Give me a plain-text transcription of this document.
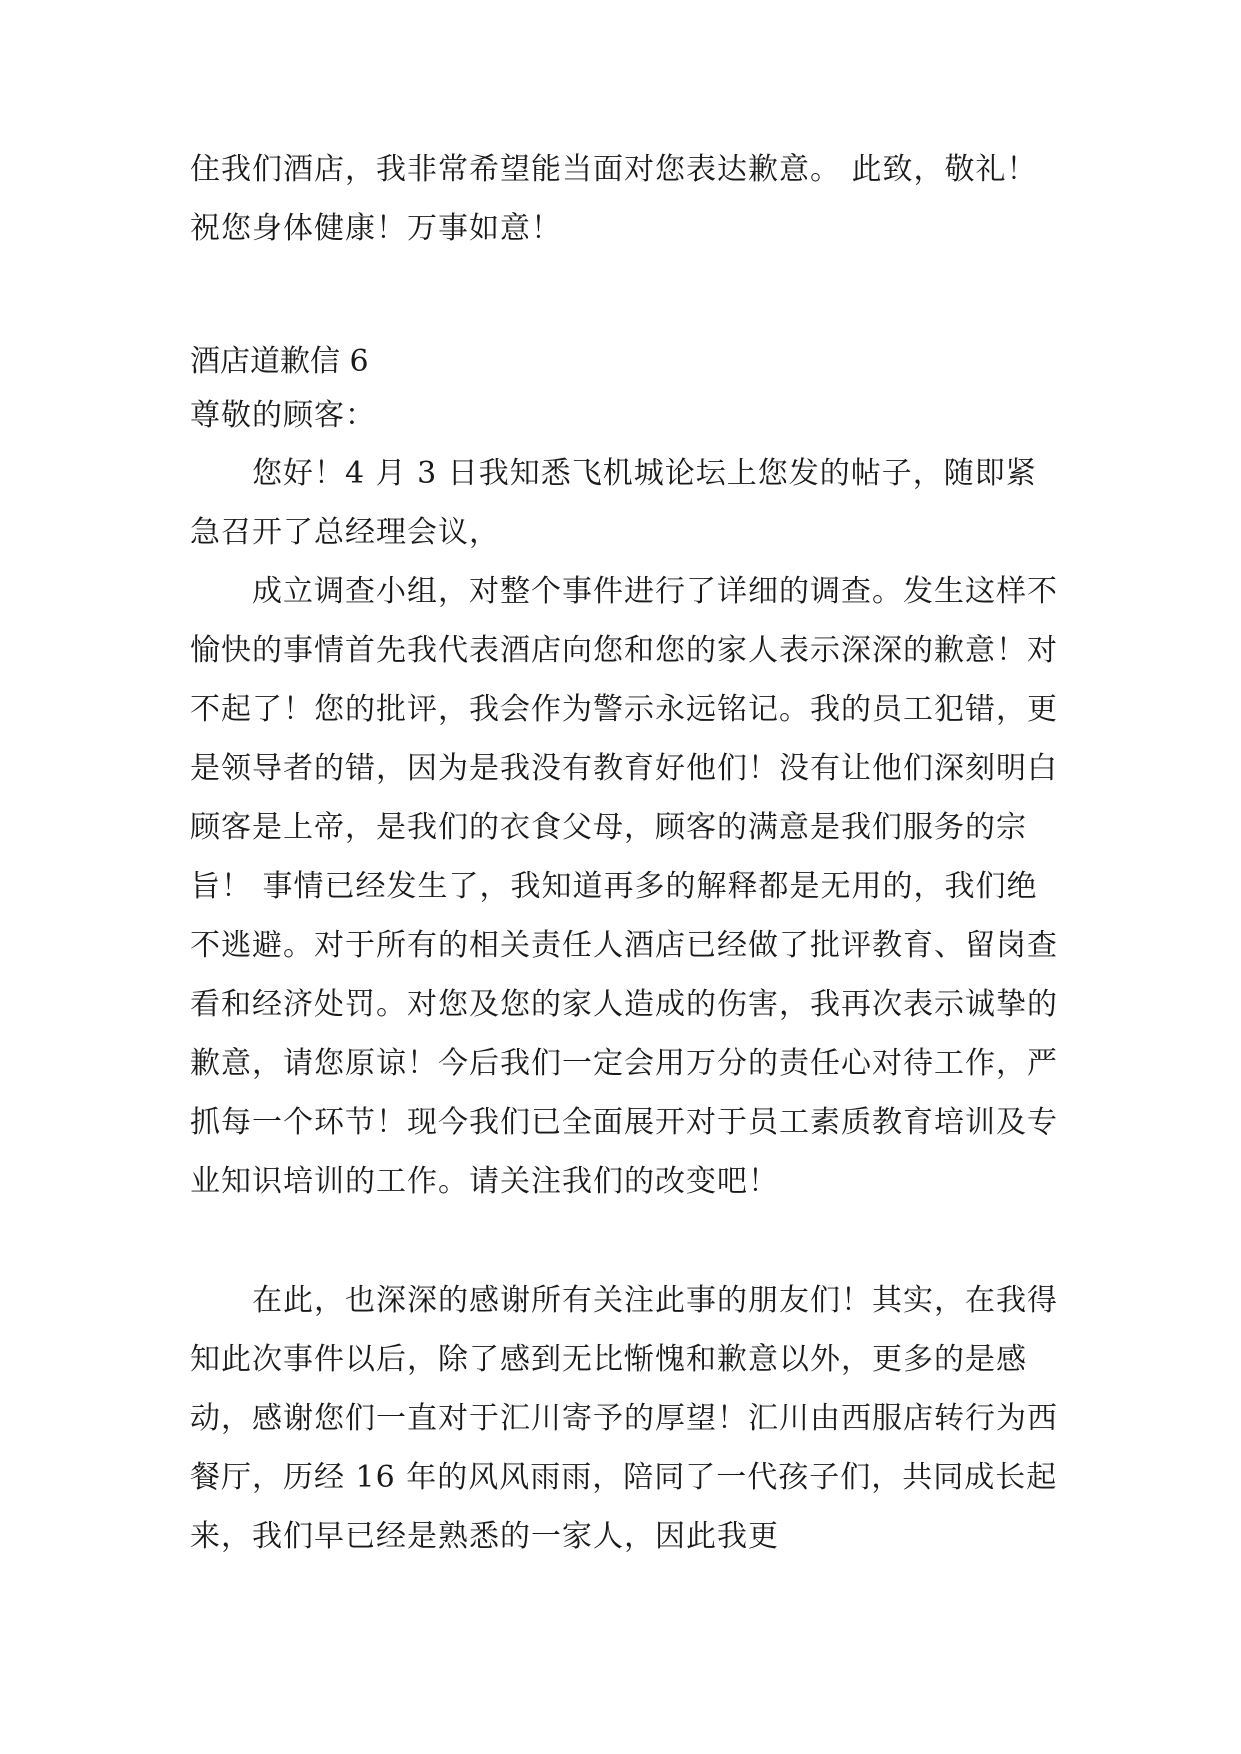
住我们酒店，我非常希望能当面对您表达歉意。 此致，敬礼！祝您身体健康！万事如意！

酒店道歉信 6
尊敬的顾客：

您好！4 月 3 日我知悉飞机城论坛上您发的帖子，随即紧急召开了总经理会议，

成立调查小组，对整个事件进行了详细的调查。发生这样不愉快的事情首先我代表酒店向您和您的家人表示深深的歉意！对不起了！您的批评，我会作为警示永远铭记。我的员工犯错，更是领导者的错，因为是我没有教育好他们！没有让他们深刻明白顾客是上帝，是我们的衣食父母，顾客的满意是我们服务的宗旨！ 事情已经发生了，我知道再多的解释都是无用的，我们绝不逃避。对于所有的相关责任人酒店已经做了批评教育、留岗查看和经济处罚。对您及您的家人造成的伤害，我再次表示诚挚的歉意，请您原谅！今后我们一定会用万分的责任心对待工作，严抓每一个环节！现今我们已全面展开对于员工素质教育培训及专业知识培训的工作。请关注我们的改变吧！

在此，也深深的感谢所有关注此事的朋友们！其实，在我得知此次事件以后，除了感到无比惭愧和歉意以外，更多的是感动，感谢您们一直对于汇川寄予的厚望！汇川由西服店转行为西餐厅，历经 16 年的风风雨雨，陪同了一代孩子们，共同成长起来，我们早已经是熟悉的一家人，因此我更
